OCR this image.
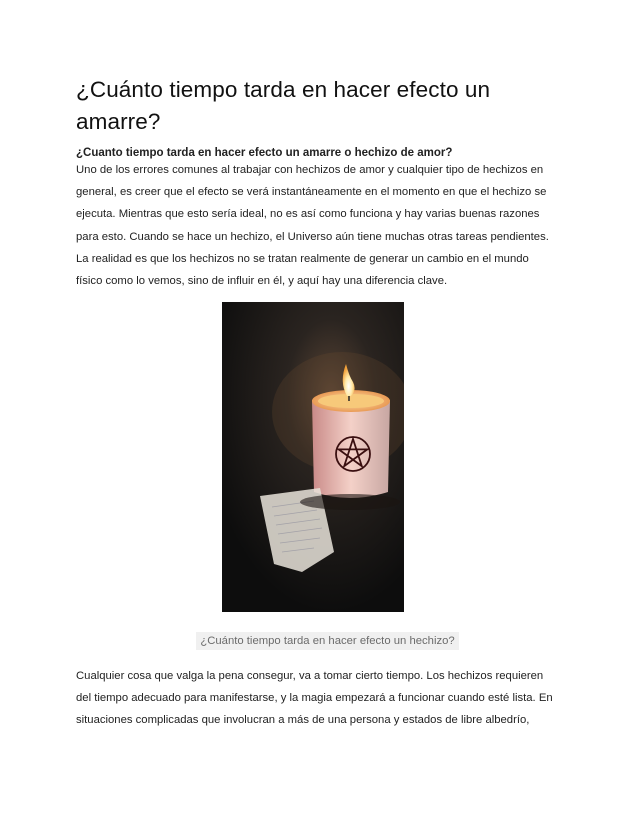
¿Cuánto tiempo tarda en hacer efecto un amarre?

¿Cuanto tiempo tarda en hacer efecto un amarre o hechizo de amor?

Uno de los errores comunes al trabajar con hechizos de amor y cualquier tipo de hechizos en general, es creer que el efecto se verá instantáneamente en el momento en que el hechizo se ejecuta. Mientras que esto sería ideal, no es así como funciona y hay varias buenas razones para esto. Cuando se hace un hechizo, el Universo aún tiene muchas otras tareas pendientes. La realidad es que los hechizos no se tratan realmente de generar un cambio en el mundo físico como lo vemos, sino de influir en él, y aquí hay una diferencia clave.

¿Cuánto tiempo tarda en hacer efecto un hechizo?

Cualquier cosa que valga la pena consegur, va a tomar cierto tiempo. Los hechizos requieren del tiempo adecuado para manifestarse, y la magia empezará a funcionar cuando esté lista. En situaciones complicadas que involucran a más de una persona y estados de libre albedrío,
